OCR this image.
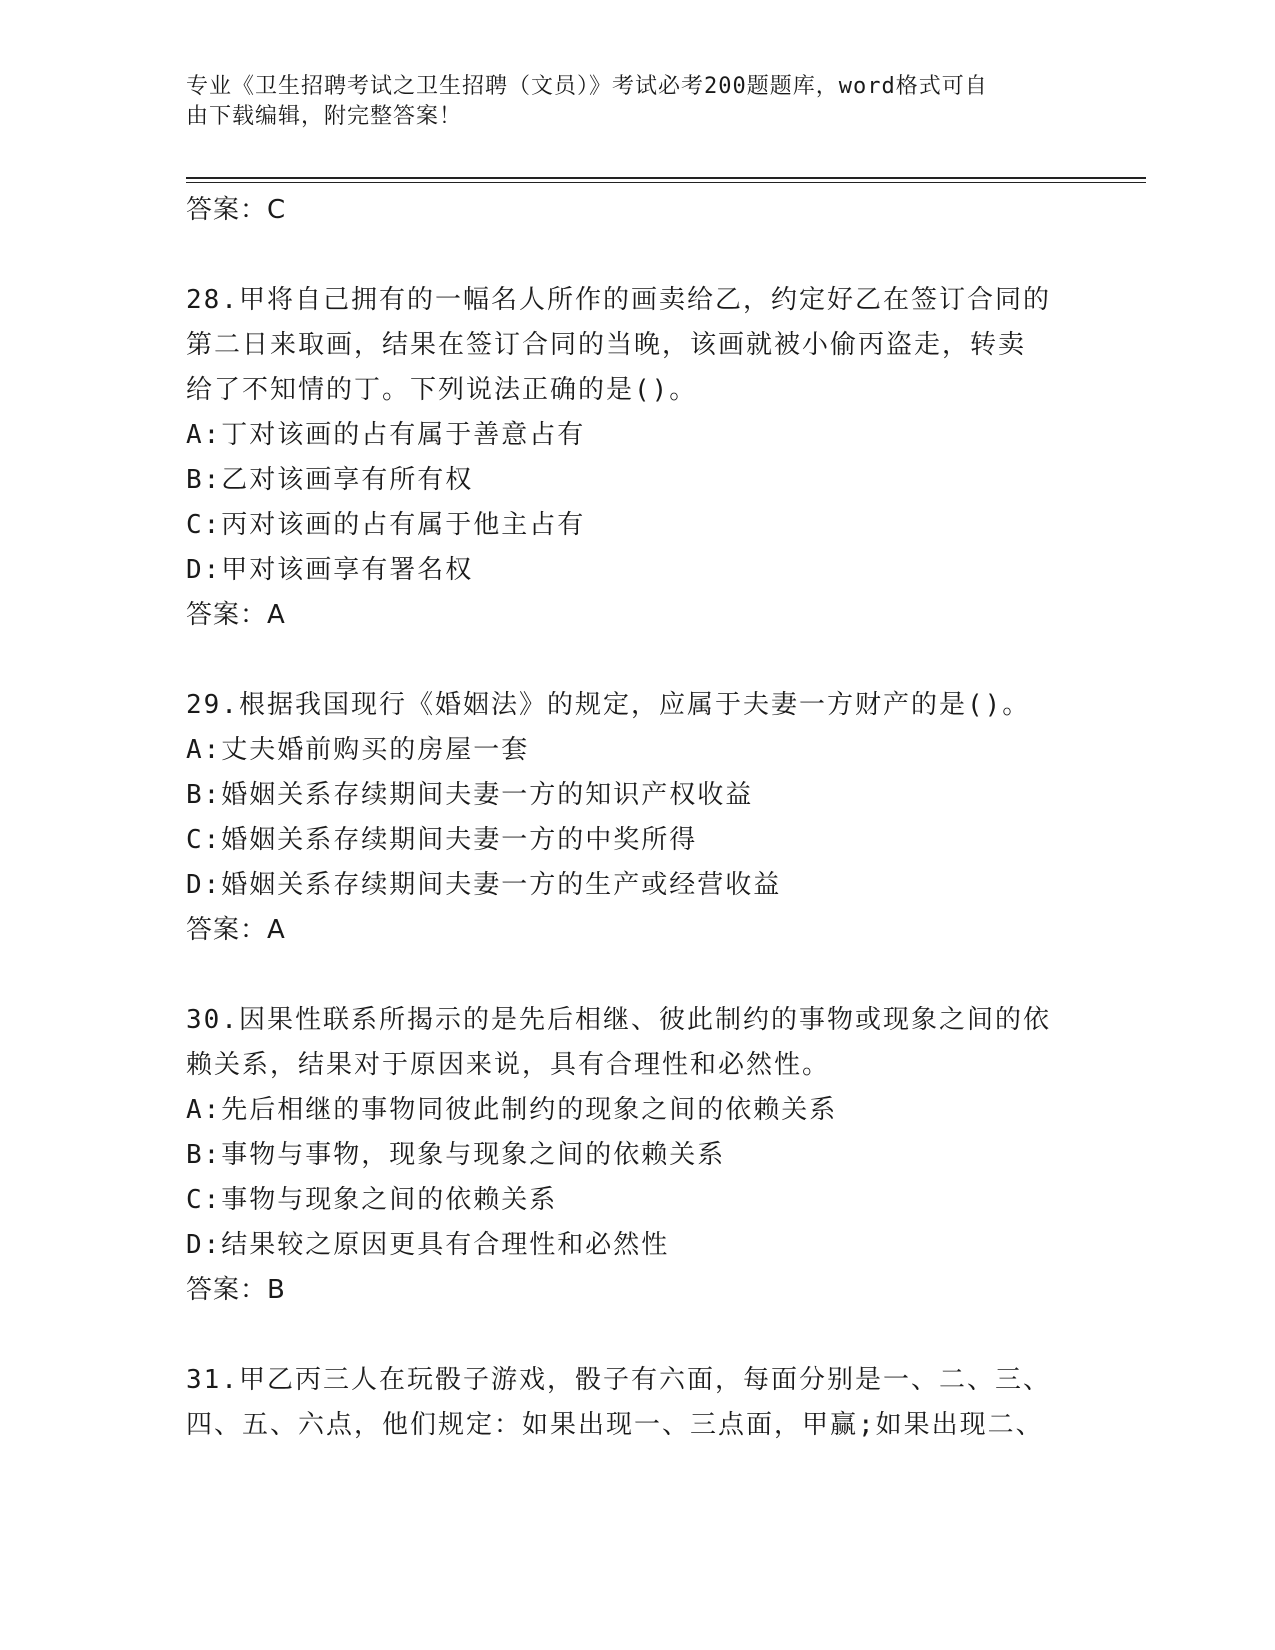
专业《卫生招聘考试之卫生招聘（文员）》考试必考200题题库，word格式可自
由下载编辑，附完整答案！
答案：C
28.甲将自己拥有的一幅名人所作的画卖给乙，约定好乙在签订合同的
第二日来取画，结果在签订合同的当晚，该画就被小偷丙盗走，转卖
给了不知情的丁。下列说法正确的是()。
A:丁对该画的占有属于善意占有
B:乙对该画享有所有权
C:丙对该画的占有属于他主占有
D:甲对该画享有署名权
答案：A
29.根据我国现行《婚姻法》的规定，应属于夫妻一方财产的是()。
A:丈夫婚前购买的房屋一套
B:婚姻关系存续期间夫妻一方的知识产权收益
C:婚姻关系存续期间夫妻一方的中奖所得
D:婚姻关系存续期间夫妻一方的生产或经营收益
答案：A
30.因果性联系所揭示的是先后相继、彼此制约的事物或现象之间的依
赖关系，结果对于原因来说，具有合理性和必然性。
A:先后相继的事物同彼此制约的现象之间的依赖关系
B:事物与事物，现象与现象之间的依赖关系
C:事物与现象之间的依赖关系
D:结果较之原因更具有合理性和必然性
答案：B
31.甲乙丙三人在玩骰子游戏，骰子有六面，每面分别是一、二、三、
四、五、六点，他们规定：如果出现一、三点面，甲赢;如果出现二、
